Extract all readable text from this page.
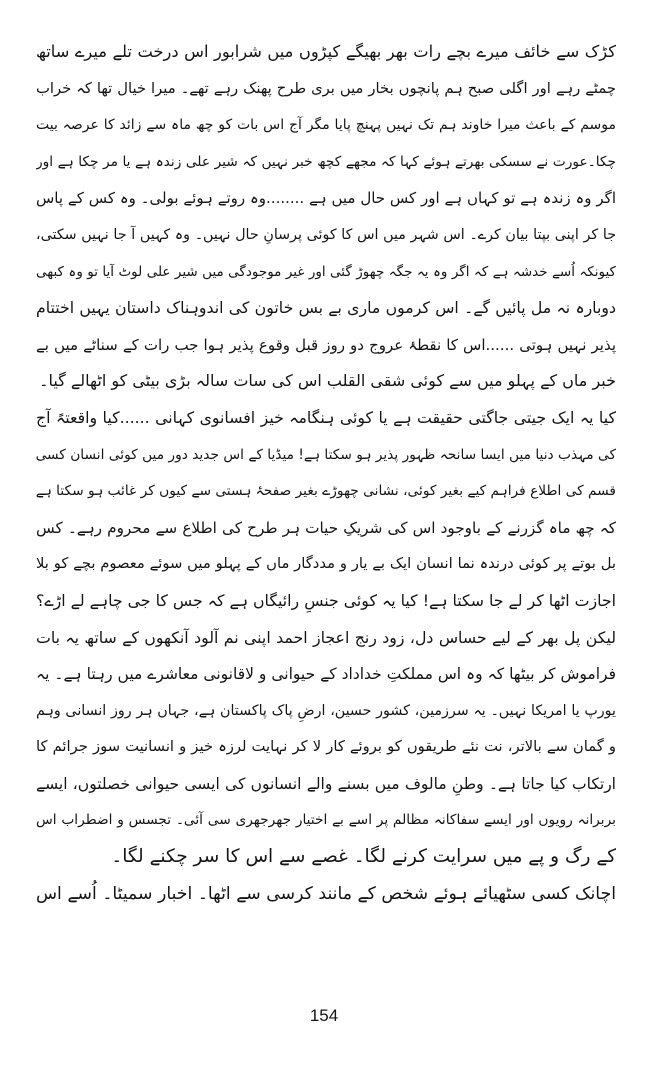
کڑک سے خائف میرے بچے رات بھر بھیگے کپڑوں میں شرابور اس درخت تلے میرے ساتھ
چمٹے رہے اور اگلی صبح ہم پانچوں بخار میں بری طرح پھنک رہے تھے۔ میرا خیال تھا کہ خراب
موسم کے باعث میرا خاوند ہم تک نہیں پہنچ پایا مگر آج اس بات کو چھ ماہ سے زائد کا عرصہ بیت
چکا۔عورت نے سسکی بھرتے ہوئے کہا کہ مجھے کچھ خبر نہیں کہ شیر علی زندہ ہے یا مر چکا ہے اور
اگر وہ زندہ ہے تو کہاں ہے اور کس حال میں ہے ........وہ روتے ہوئے بولی۔ وہ کس کے پاس
جا کر اپنی بپتا بیان کرے۔ اس شہر میں اس کا کوئی پرسانِ حال نہیں۔ وہ کہیں آ جا نہیں سکتی،
کیونکہ اُسے خدشہ ہے کہ اگر وہ یہ جگہ چھوڑ گئی اور غیر موجودگی میں شیر علی لوٹ آیا تو وہ کبھی
دوبارہ نہ مل پائیں گے۔ اس کرموں ماری بے بس خاتون کی اندوہناک داستان یہیں اختتام
پذیر نہیں ہوتی ......اس کا نقطۂ عروج دو روز قبل وقوع پذیر ہوا جب رات کے سناٹے میں بے
خبر ماں کے پہلو میں سے کوئی شقی القلب اس کی سات سالہ بڑی بیٹی کو اٹھالے گیا۔
کیا یہ ایک جیتی جاگتی حقیقت ہے یا کوئی ہنگامہ خیز افسانوی کہانی ......کیا واقعتہً آج
کی مہذب دنیا میں ایسا سانحہ ظہور پذیر ہو سکتا ہے! میڈیا کے اس جدید دور میں کوئی انسان کسی
قسم کی اطلاع فراہم کیے بغیر کوئی، نشانی چھوڑے بغیر صفحۂ ہستی سے کیوں کر غائب ہو سکتا ہے
کہ چھ ماہ گزرنے کے باوجود اس کی شریکِ حیات ہر طرح کی اطلاع سے محروم رہے۔ کس
بل بوتے پر کوئی درندہ نما انسان ایک بے یار و مددگار ماں کے پہلو میں سوئے معصوم بچے کو بلا
اجازت اٹھا کر لے جا سکتا ہے! کیا یہ کوئی جنسِ رائیگاں ہے کہ جس کا جی چاہے لے اڑے؟
لیکن پل بھر کے لیے حساس دل، زود رنج اعجاز احمد اپنی نم آلود آنکھوں کے ساتھ یہ بات
فراموش کر بیٹھا کہ وہ اس مملکتِ خداداد کے حیوانی و لاقانونی معاشرے میں رہتا ہے۔ یہ
یورپ یا امریکا نہیں۔ یہ سرزمین، کشور حسین، ارضِ پاک پاکستان ہے، جہاں ہر روز انسانی وہم
و گمان سے بالاتر، نت نئے طریقوں کو بروئے کار لا کر نہایت لرزہ خیز و انسانیت سوز جرائم کا
ارتکاب کیا جاتا ہے۔ وطنِ مالوف میں بسنے والے انسانوں کی ایسی حیوانی خصلتوں، ایسے
بربرانہ رویوں اور ایسے سفاکانہ مظالم پر اسے بے اختیار جھرجھری سی آئی۔ تجسس و اضطراب اس
کے رگ و پے میں سرایت کرنے لگا۔ غصے سے اس کا سر چکنے لگا۔
اچانک کسی سٹھیائے ہوئے شخص کے مانند کرسی سے اٹھا۔ اخبار سمیٹا۔ اُسے اس
154
